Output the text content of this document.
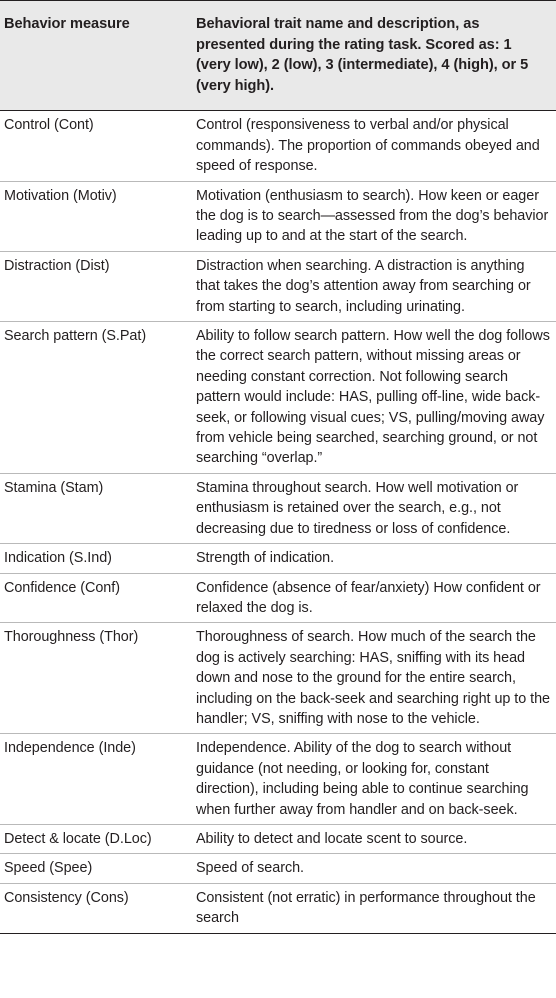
Behavior measure	Behavioral trait name and description, as presented during the rating task. Scored as: 1 (very low), 2 (low), 3 (intermediate), 4 (high), or 5 (very high).
Control (Cont)	Control (responsiveness to verbal and/or physical commands). The proportion of commands obeyed and speed of response.
Motivation (Motiv)	Motivation (enthusiasm to search). How keen or eager the dog is to search—assessed from the dog’s behavior leading up to and at the start of the search.
Distraction (Dist)	Distraction when searching. A distraction is anything that takes the dog’s attention away from searching or from starting to search, including urinating.
Search pattern (S.Pat)	Ability to follow search pattern. How well the dog follows the correct search pattern, without missing areas or needing constant correction. Not following search pattern would include: HAS, pulling off-line, wide back-seek, or following visual cues; VS, pulling/moving away from vehicle being searched, searching ground, or not searching “overlap.”
Stamina (Stam)	Stamina throughout search. How well motivation or enthusiasm is retained over the search, e.g., not decreasing due to tiredness or loss of confidence.
Indication (S.Ind)	Strength of indication.
Confidence (Conf)	Confidence (absence of fear/anxiety) How confident or relaxed the dog is.
Thoroughness (Thor)	Thoroughness of search. How much of the search the dog is actively searching: HAS, sniffing with its head down and nose to the ground for the entire search, including on the back-seek and searching right up to the handler; VS, sniffing with nose to the vehicle.
Independence (Inde)	Independence. Ability of the dog to search without guidance (not needing, or looking for, constant direction), including being able to continue searching when further away from handler and on back-seek.
Detect & locate (D.Loc)	Ability to detect and locate scent to source.
Speed (Spee)	Speed of search.
Consistency (Cons)	Consistent (not erratic) in performance throughout the search
